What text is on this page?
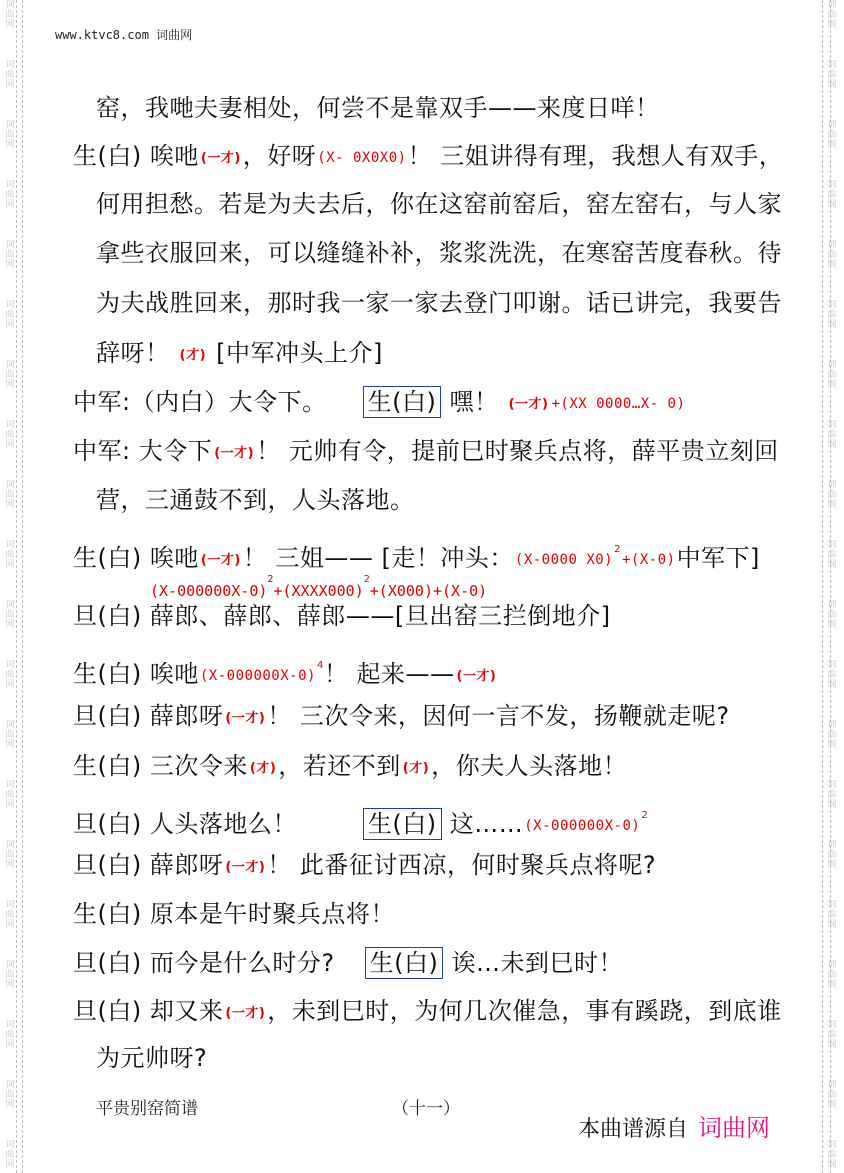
词
曲
网
词
曲
网
词
曲
网
词
曲
网
词
曲
网
词
曲
网
词
曲
网
词
曲
网
词
曲
网
词
曲
网
词
曲
网
词
曲
网
词
曲
网
词
曲
网
词
曲
网
词
曲
网
词
曲
网
词
曲
网
词
曲
网
词
曲
网
词
曲
网
词
曲
网
词
曲
网
词
曲
网
词
曲
网
词
曲
网
词
曲
网
词
曲
网
词
曲
网
词
曲
网
词
曲
网
词
曲
网
词
曲
网
词
曲
网
词
曲
网
词
曲
网
词
曲
网
词
曲
网
词
曲
网
词
曲
网
www.ktvc8.com 词曲网
窑，我哋夫妻相处，何尝不是靠双手——来度日咩！
生(白) 唉吔 (一才)，好呀(X- 0X0X0)！ 三姐讲得有理，我想人有双手，
何用担愁。若是为夫去后，你在这窑前窑后，窑左窑右，与人家
拿些衣服回来，可以缝缝补补，浆浆洗洗，在寒窑苦度春秋。待
为夫战胜回来，那时我一家一家去登门叩谢。话已讲完，我要告
辞呀！ (才) [中军冲头上介]
中军:（内白）大令下。 生(白) 嘿！ (一才) +(XX 0000…X- 0)
中军: 大令下 (一才)！ 元帅有令，提前巳时聚兵点将，薛平贵立刻回
营，三通鼓不到，人头落地。
生(白) 唉吔 (一才)！ 三姐—— [走！冲头：(X-0000 X0)$^2$+(X-0)中军下]
$(X-000000X-0)^2+(XXXX000)^2+(X000)+(X-0)$
旦(白) 薛郎、薛郎、薛郎——[旦出窑三拦倒地介]
生(白) 唉吔$(X-000000X-0)^4$！ 起来—— (一才)
旦(白) 薛郎呀 (一才)！ 三次令来，因何一言不发，扬鞭就走呢?
生(白) 三次令来 (才)，若还不到 (才)，你夫人头落地！
旦(白) 人头落地么！	生(白) 这$\dots\dots(X-000000X-0)^2$
旦(白) 薛郎呀 (一才)！ 此番征讨西凉，何时聚兵点将呢?
生(白) 原本是午时聚兵点将！
旦(白) 而今是什么时分? 生(白) 诶…未到巳时！
旦(白) 却又来 (一才)，未到巳时，为何几次催急，事有蹊跷，到底谁
为元帅呀?
平贵别窑简谱	（十一）
本曲谱源自 词曲网
